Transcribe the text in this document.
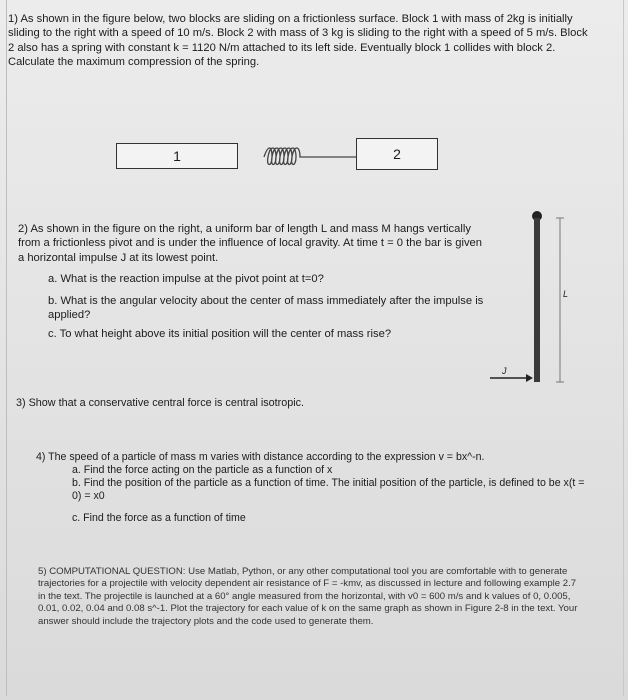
1) As shown in the figure below, two blocks are sliding on a frictionless surface. Block 1 with mass of 2kg is initially sliding to the right with a speed of 10 m/s. Block 2 with mass of 3 kg is sliding to the right with a speed of 5 m/s. Block 2 also has a spring with constant k = 1120 N/m attached to its left side. Eventually block 1 collides with block 2. Calculate the maximum compression of the spring.
1	2
2) As shown in the figure on the right, a uniform bar of length L and mass M hangs vertically from a frictionless pivot and is under the influence of local gravity. At time t = 0 the bar is given a horizontal impulse J at its lowest point.
a. What is the reaction impulse at the pivot point at t=0?
b. What is the angular velocity about the center of mass immediately after the impulse is applied?
c. To what height above its initial position will the center of mass rise?
L
J
3) Show that a conservative central force is central isotropic.
4) The speed of a particle of mass m varies with distance according to the expression v = bx^-n.
a. Find the force acting on the particle as a function of x
b. Find the position of the particle as a function of time. The initial position of the particle, is defined to be x(t = 0) = x0
c. Find the force as a function of time
5) COMPUTATIONAL QUESTION: Use Matlab, Python, or any other computational tool you are comfortable with to generate trajectories for a projectile with velocity dependent air resistance of F = -kmv, as discussed in lecture and following example 2.7 in the text. The projectile is launched at a 60° angle measured from the horizontal, with v0 = 600 m/s and k values of 0, 0.005, 0.01, 0.02, 0.04 and 0.08 s^-1. Plot the trajectory for each value of k on the same graph as shown in Figure 2-8 in the text. Your answer should include the trajectory plots and the code used to generate them.
